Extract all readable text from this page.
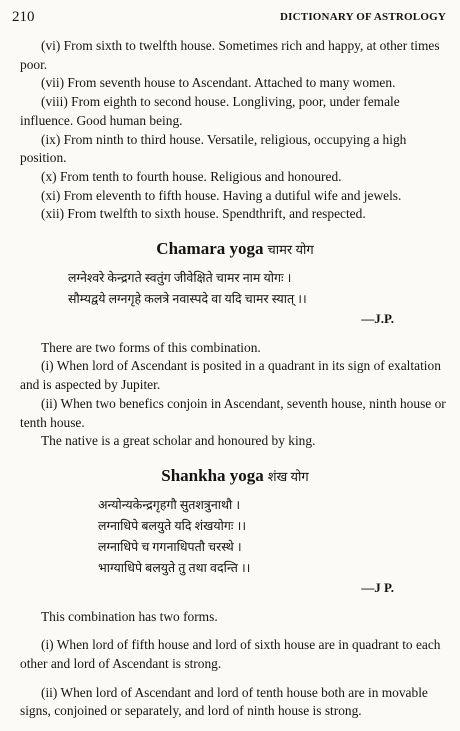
210	DICTIONARY OF ASTROLOGY

(vi) From sixth to twelfth house. Sometimes rich and happy, at other times poor.

(vii) From seventh house to Ascendant. Attached to many women.

(viii) From eighth to second house. Longliving, poor, under female influence. Good human being.

(ix) From ninth to third house. Versatile, religious, occupying a high position.

(x) From tenth to fourth house. Religious and honoured.

(xi) From eleventh to fifth house. Having a dutiful wife and jewels.

(xii) From twelfth to sixth house. Spendthrift, and respected.

Chamara yoga चामर योग
लग्नेश्वरे केन्द्रगते स्वतुंग जीवेक्षिते चामर नाम योगः ।
सौम्यद्वये लग्नगृहे कलत्रे नवास्पदे वा यदि चामर स्यात् ।।
—J.P.

There are two forms of this combination.

(i) When lord of Ascendant is posited in a quadrant in its sign of exaltation and is aspected by Jupiter.

(ii) When two benefics conjoin in Ascendant, seventh house, ninth house or tenth house.

The native is a great scholar and honoured by king.

Shankha yoga शंख योग
अन्योन्यकेन्द्रगृहगौ सुतशत्रुनाथौ ।
लग्नाधिपे बलयुते यदि शंखयोगः ।।
लग्नाधिपे च गगनाधिपतौ चरस्थे ।
भाग्याधिपे बलयुते तु तथा वदन्ति ।।
—J P.

This combination has two forms.

(i) When lord of fifth house and lord of sixth house are in quadrant to each other and lord of Ascendant is strong.

(ii) When lord of Ascendant and lord of tenth house both are in movable signs, conjoined or separately, and lord of ninth house is strong.
